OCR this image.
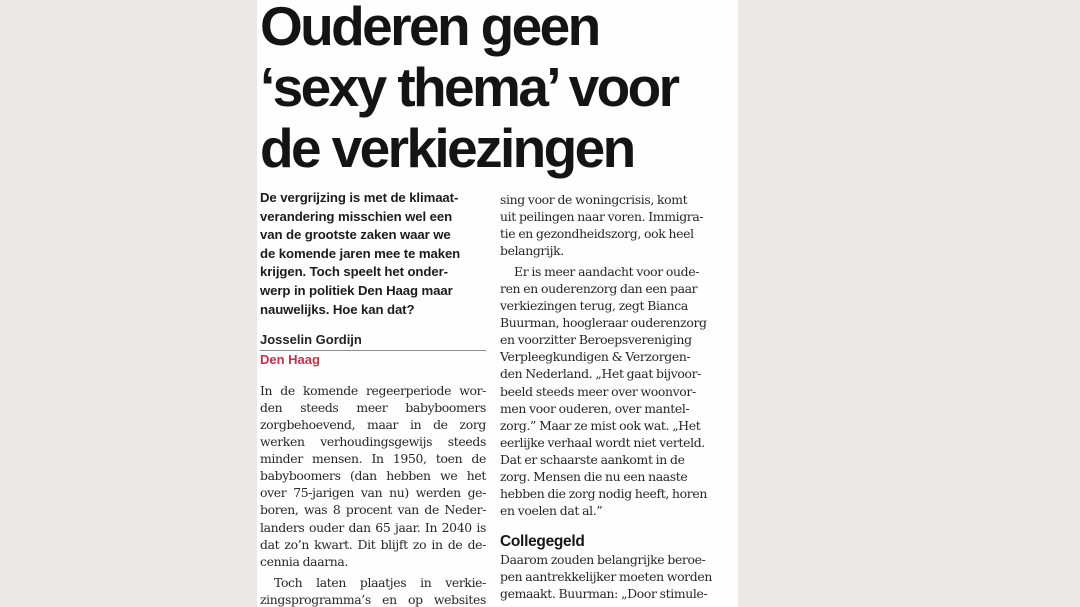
Ouderen geen
‘sexy thema’ voor
de verkiezingen

De vergrijzing is met de klimaat-
verandering misschien wel een
van de grootste zaken waar we
de komende jaren mee te maken
krijgen. Toch speelt het onder-
werp in politiek Den Haag maar
nauwelijks. Hoe kan dat?

Josselin Gordijn
Den Haag

In de komende regeerperiode wor-
den steeds meer babyboomers
zorgbehoevend, maar in de zorg
werken verhoudingsgewijs steeds
minder mensen. In 1950, toen de
babyboomers (dan hebben we het
over 75-jarigen van nu) werden ge-
boren, was 8 procent van de Neder-
landers ouder dan 65 jaar. In 2040 is
dat zo’n kwart. Dit blijft zo in de de-
cennia daarna.

Toch laten plaatjes in verkie-
zingsprogramma’s en op websites

sing voor de woningcrisis, komt
uit peilingen naar voren. Immigra-
tie en gezondheidszorg, ook heel
belangrijk.

Er is meer aandacht voor oude-
ren en ouderenzorg dan een paar
verkiezingen terug, zegt Bianca
Buurman, hoogleraar ouderenzorg
en voorzitter Beroepsvereniging
Verpleegkundigen & Verzorgen-
den Nederland. „Het gaat bijvoor-
beeld steeds meer over woonvor-
men voor ouderen, over mantel-
zorg.” Maar ze mist ook wat. „Het
eerlijke verhaal wordt niet verteld.
Dat er schaarste aankomt in de
zorg. Mensen die nu een naaste
hebben die zorg nodig heeft, horen
en voelen dat al.”

Collegegeld

Daarom zouden belangrijke beroe-
pen aantrekkelijker moeten worden
gemaakt. Buurman: „Door stimule-
